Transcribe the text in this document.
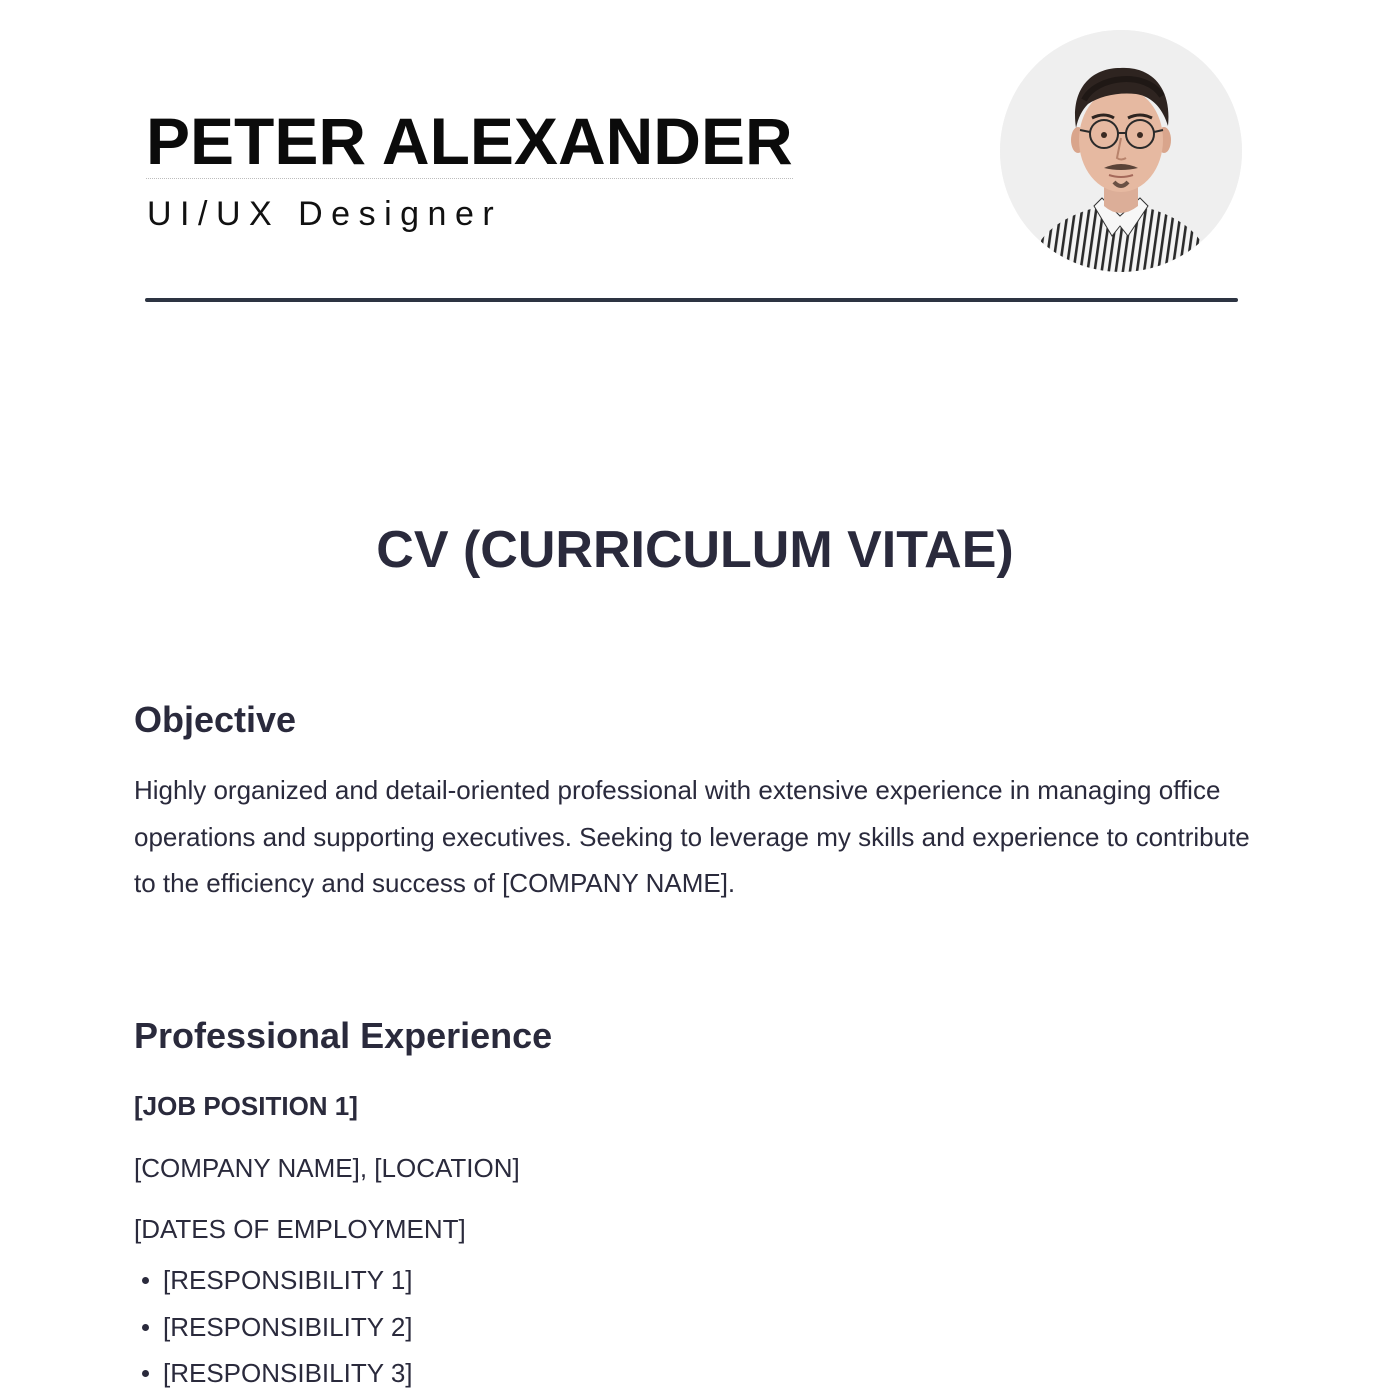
PETER ALEXANDER
UI/UX Designer
CV (CURRICULUM VITAE)
Objective

Highly organized and detail-oriented professional with extensive experience in managing office operations and supporting executives. Seeking to leverage my skills and experience to contribute to the efficiency and success of [COMPANY NAME].

Professional Experience
[JOB POSITION 1]
[COMPANY NAME], [LOCATION]
[DATES OF EMPLOYMENT]
[RESPONSIBILITY 1]
[RESPONSIBILITY 2]
[RESPONSIBILITY 3]
